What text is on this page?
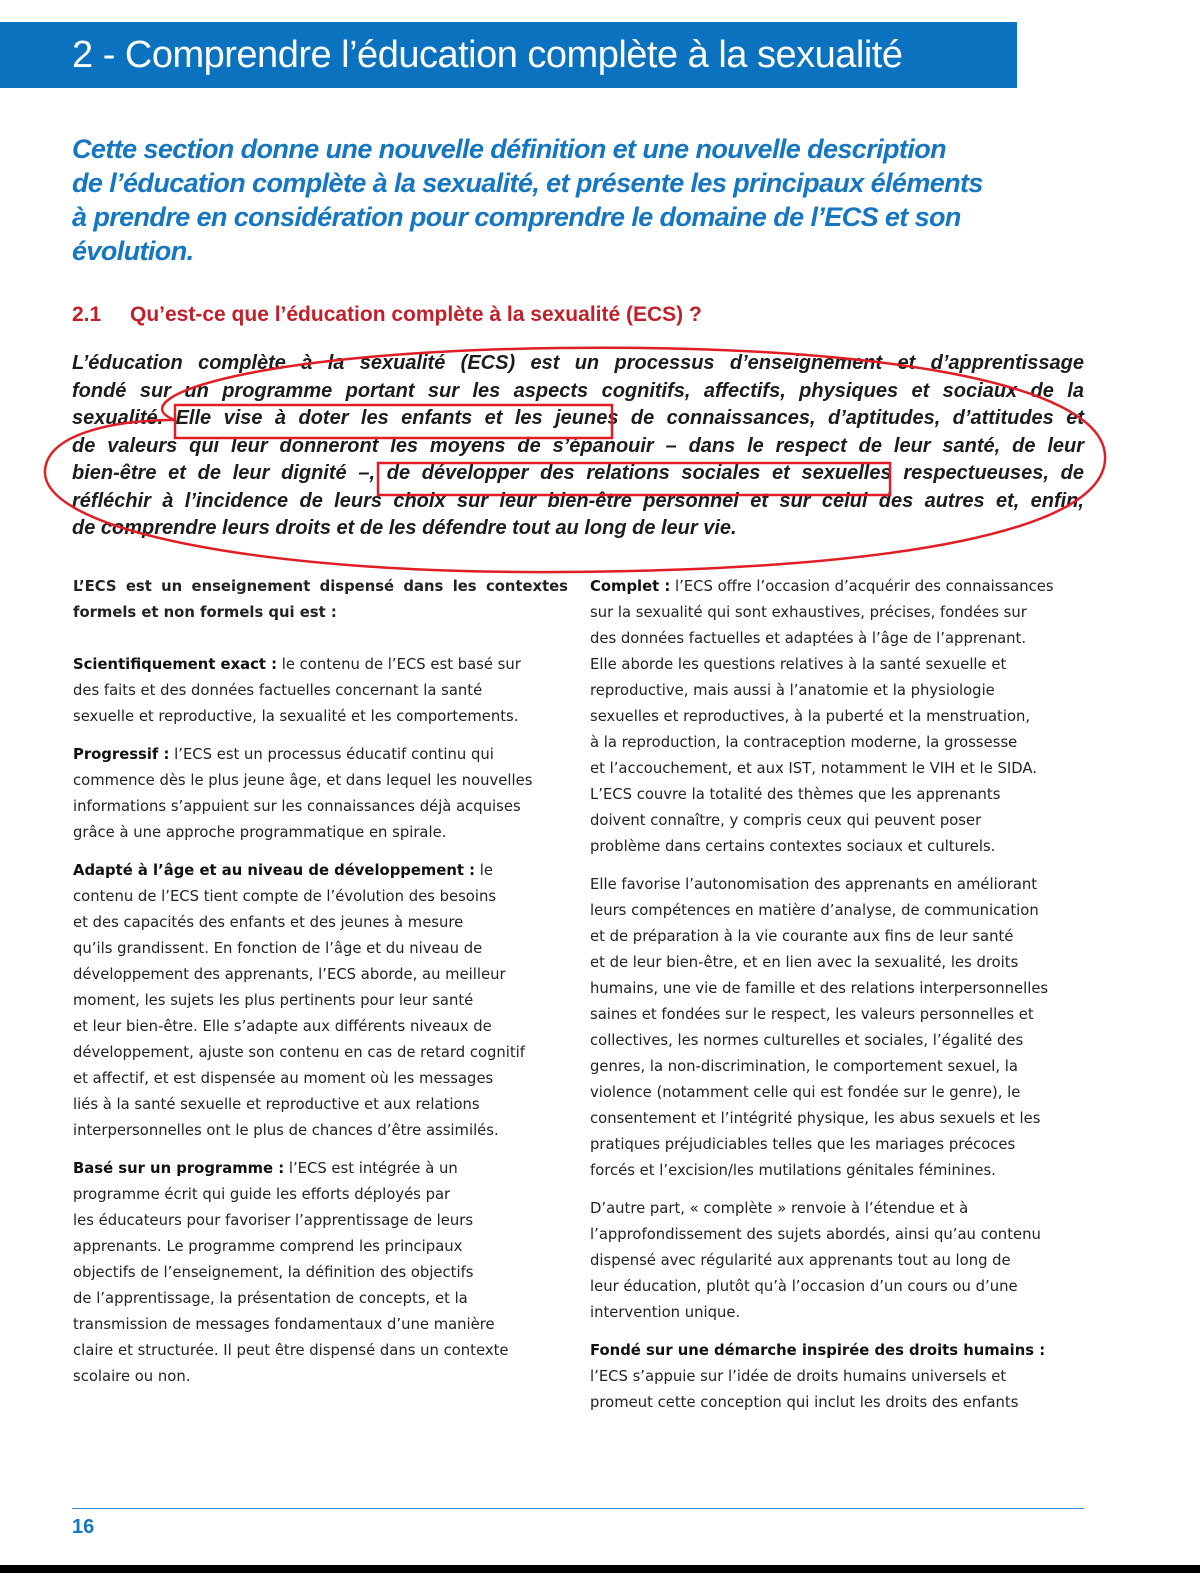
2 - Comprendre l’éducation complète à la sexualité
Cette section donne une nouvelle définition et une nouvelle description
de l’éducation complète à la sexualité, et présente les principaux éléments
à prendre en considération pour comprendre le domaine de l’ECS et son
évolution.
2.1 Qu’est-ce que l’éducation complète à la sexualité (ECS) ?
L’éducation complète à la sexualité (ECS) est un processus d’enseignement et d’apprentissage
fondé sur un programme portant sur les aspects cognitifs, affectifs, physiques et sociaux de la
sexualité. Elle vise à doter les enfants et les jeunes de connaissances, d’aptitudes, d’attitudes et
de valeurs qui leur donneront les moyens de s’épanouir – dans le respect de leur santé, de leur
bien-être et de leur dignité –, de développer des relations sociales et sexuelles respectueuses, de
réfléchir à l’incidence de leurs choix sur leur bien-être personnel et sur celui des autres et, enfin,
de comprendre leurs droits et de les défendre tout au long de leur vie.
L’ECS est un enseignement dispensé dans les contextes
formels et non formels qui est :

Scientifiquement exact : le contenu de l’ECS est basé sur
des faits et des données factuelles concernant la santé
sexuelle et reproductive, la sexualité et les comportements.

Progressif : l’ECS est un processus éducatif continu qui
commence dès le plus jeune âge, et dans lequel les nouvelles
informations s’appuient sur les connaissances déjà acquises
grâce à une approche programmatique en spirale.

Adapté à l’âge et au niveau de développement : le
contenu de l’ECS tient compte de l’évolution des besoins
et des capacités des enfants et des jeunes à mesure
qu’ils grandissent. En fonction de l’âge et du niveau de
développement des apprenants, l’ECS aborde, au meilleur
moment, les sujets les plus pertinents pour leur santé
et leur bien-être. Elle s’adapte aux différents niveaux de
développement, ajuste son contenu en cas de retard cognitif
et affectif, et est dispensée au moment où les messages
liés à la santé sexuelle et reproductive et aux relations
interpersonnelles ont le plus de chances d’être assimilés.

Basé sur un programme : l’ECS est intégrée à un
programme écrit qui guide les efforts déployés par
les éducateurs pour favoriser l’apprentissage de leurs
apprenants. Le programme comprend les principaux
objectifs de l’enseignement, la définition des objectifs
de l’apprentissage, la présentation de concepts, et la
transmission de messages fondamentaux d’une manière
claire et structurée. Il peut être dispensé dans un contexte
scolaire ou non.

Complet : l’ECS offre l’occasion d’acquérir des connaissances
sur la sexualité qui sont exhaustives, précises, fondées sur
des données factuelles et adaptées à l’âge de l’apprenant.
Elle aborde les questions relatives à la santé sexuelle et
reproductive, mais aussi à l’anatomie et la physiologie
sexuelles et reproductives, à la puberté et la menstruation,
à la reproduction, la contraception moderne, la grossesse
et l’accouchement, et aux IST, notamment le VIH et le SIDA.
L’ECS couvre la totalité des thèmes que les apprenants
doivent connaître, y compris ceux qui peuvent poser
problème dans certains contextes sociaux et culturels.

Elle favorise l’autonomisation des apprenants en améliorant
leurs compétences en matière d’analyse, de communication
et de préparation à la vie courante aux fins de leur santé
et de leur bien-être, et en lien avec la sexualité, les droits
humains, une vie de famille et des relations interpersonnelles
saines et fondées sur le respect, les valeurs personnelles et
collectives, les normes culturelles et sociales, l’égalité des
genres, la non-discrimination, le comportement sexuel, la
violence (notamment celle qui est fondée sur le genre), le
consentement et l’intégrité physique, les abus sexuels et les
pratiques préjudiciables telles que les mariages précoces
forcés et l’excision/les mutilations génitales féminines.

D’autre part, « complète » renvoie à l’étendue et à
l’approfondissement des sujets abordés, ainsi qu’au contenu
dispensé avec régularité aux apprenants tout au long de
leur éducation, plutôt qu’à l’occasion d’un cours ou d’une
intervention unique.

Fondé sur une démarche inspirée des droits humains :
l’ECS s’appuie sur l’idée de droits humains universels et
promeut cette conception qui inclut les droits des enfants

16
